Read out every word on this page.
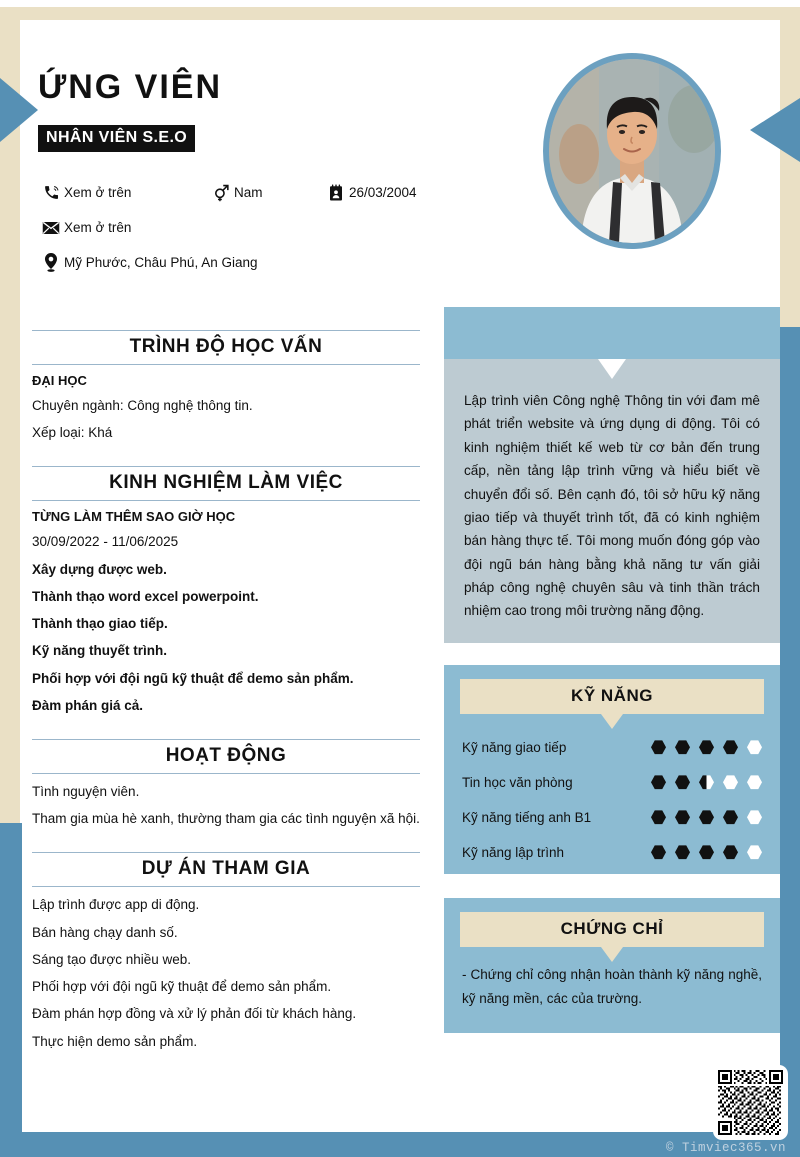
ỨNG VIÊN
NHÂN VIÊN S.E.O
Xem ở trên	Nam	26/03/2004
Xem ở trên
Mỹ Phước, Châu Phú, An Giang
TRÌNH ĐỘ HỌC VẤN
ĐẠI HỌC
Chuyên ngành: Công nghệ thông tin.
Xếp loại: Khá
KINH NGHIỆM LÀM VIỆC
TỪNG LÀM THÊM SAO GIỜ HỌC
30/09/2022 - 11/06/2025
Xây dựng được web.
Thành thạo word excel powerpoint.
Thành thạo giao tiếp.
Kỹ năng thuyết trình.
Phối hợp với đội ngũ kỹ thuật để demo sản phẩm.
Đàm phán giá cả.
HOẠT ĐỘNG
Tình nguyện viên.
Tham gia mùa hè xanh, thường tham gia các tình nguyện xã hội.
DỰ ÁN THAM GIA
Lập trình được app di động.
Bán hàng chạy danh số.
Sáng tạo được nhiều web.
Phối hợp với đội ngũ kỹ thuật để demo sản phẩm.
Đàm phán hợp đồng và xử lý phản đối từ khách hàng.
Thực hiện demo sản phẩm.
Lập trình viên Công nghệ Thông tin với đam mê phát triển website và ứng dụng di động. Tôi có kinh nghiệm thiết kế web từ cơ bản đến trung cấp, nền tảng lập trình vững và hiểu biết về chuyển đổi số. Bên cạnh đó, tôi sở hữu kỹ năng giao tiếp và thuyết trình tốt, đã có kinh nghiệm bán hàng thực tế. Tôi mong muốn đóng góp vào đội ngũ bán hàng bằng khả năng tư vấn giải pháp công nghệ chuyên sâu và tinh thần trách nhiệm cao trong môi trường năng động.
KỸ NĂNG
Kỹ năng giao tiếp
Tin học văn phòng
Kỹ năng tiếng anh B1
Kỹ năng lập trình
CHỨNG CHỈ
- Chứng chỉ công nhận hoàn thành kỹ năng nghề, kỹ năng mền, các của trường.
© Timviec365.vn
